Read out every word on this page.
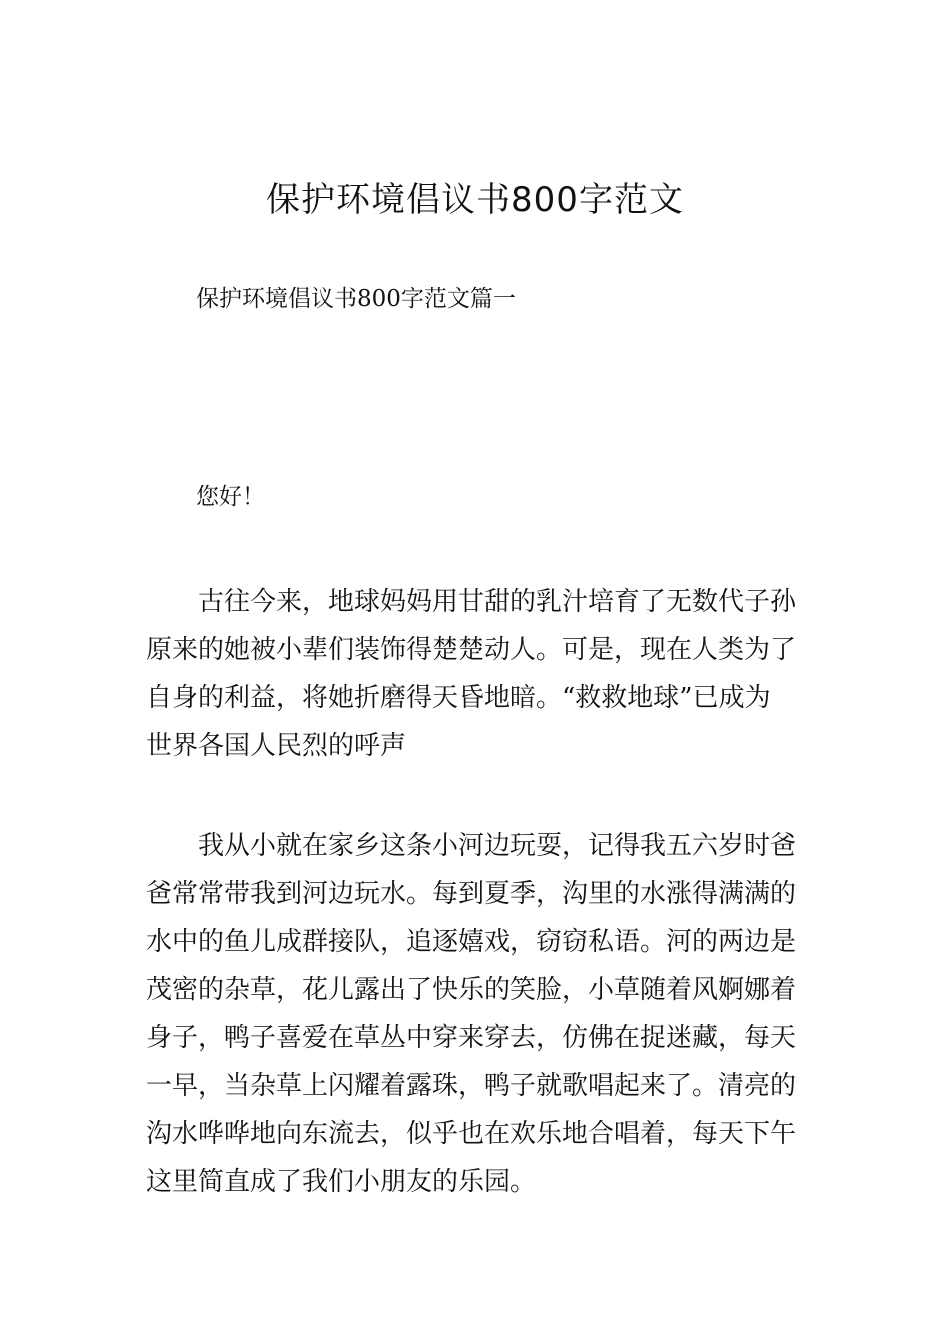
保护环境倡议书800字范文

保护环境倡议书800字范文篇一

您好！

古往今来，地球妈妈用甘甜的乳汁培育了无数代子孙
原来的她被小辈们装饰得楚楚动人。可是，现在人类为了
自身的利益，将她折磨得天昏地暗。“救救地球”已成为
世界各国人民烈的呼声
我从小就在家乡这条小河边玩耍，记得我五六岁时爸
爸常常带我到河边玩水。每到夏季，沟里的水涨得满满的
水中的鱼儿成群接队，追逐嬉戏，窃窃私语。河的两边是
茂密的杂草，花儿露出了快乐的笑脸，小草随着风婀娜着
身子，鸭子喜爱在草丛中穿来穿去，仿佛在捉迷藏，每天
一早，当杂草上闪耀着露珠，鸭子就歌唱起来了。清亮的
沟水哗哗地向东流去，似乎也在欢乐地合唱着，每天下午
这里简直成了我们小朋友的乐园。
